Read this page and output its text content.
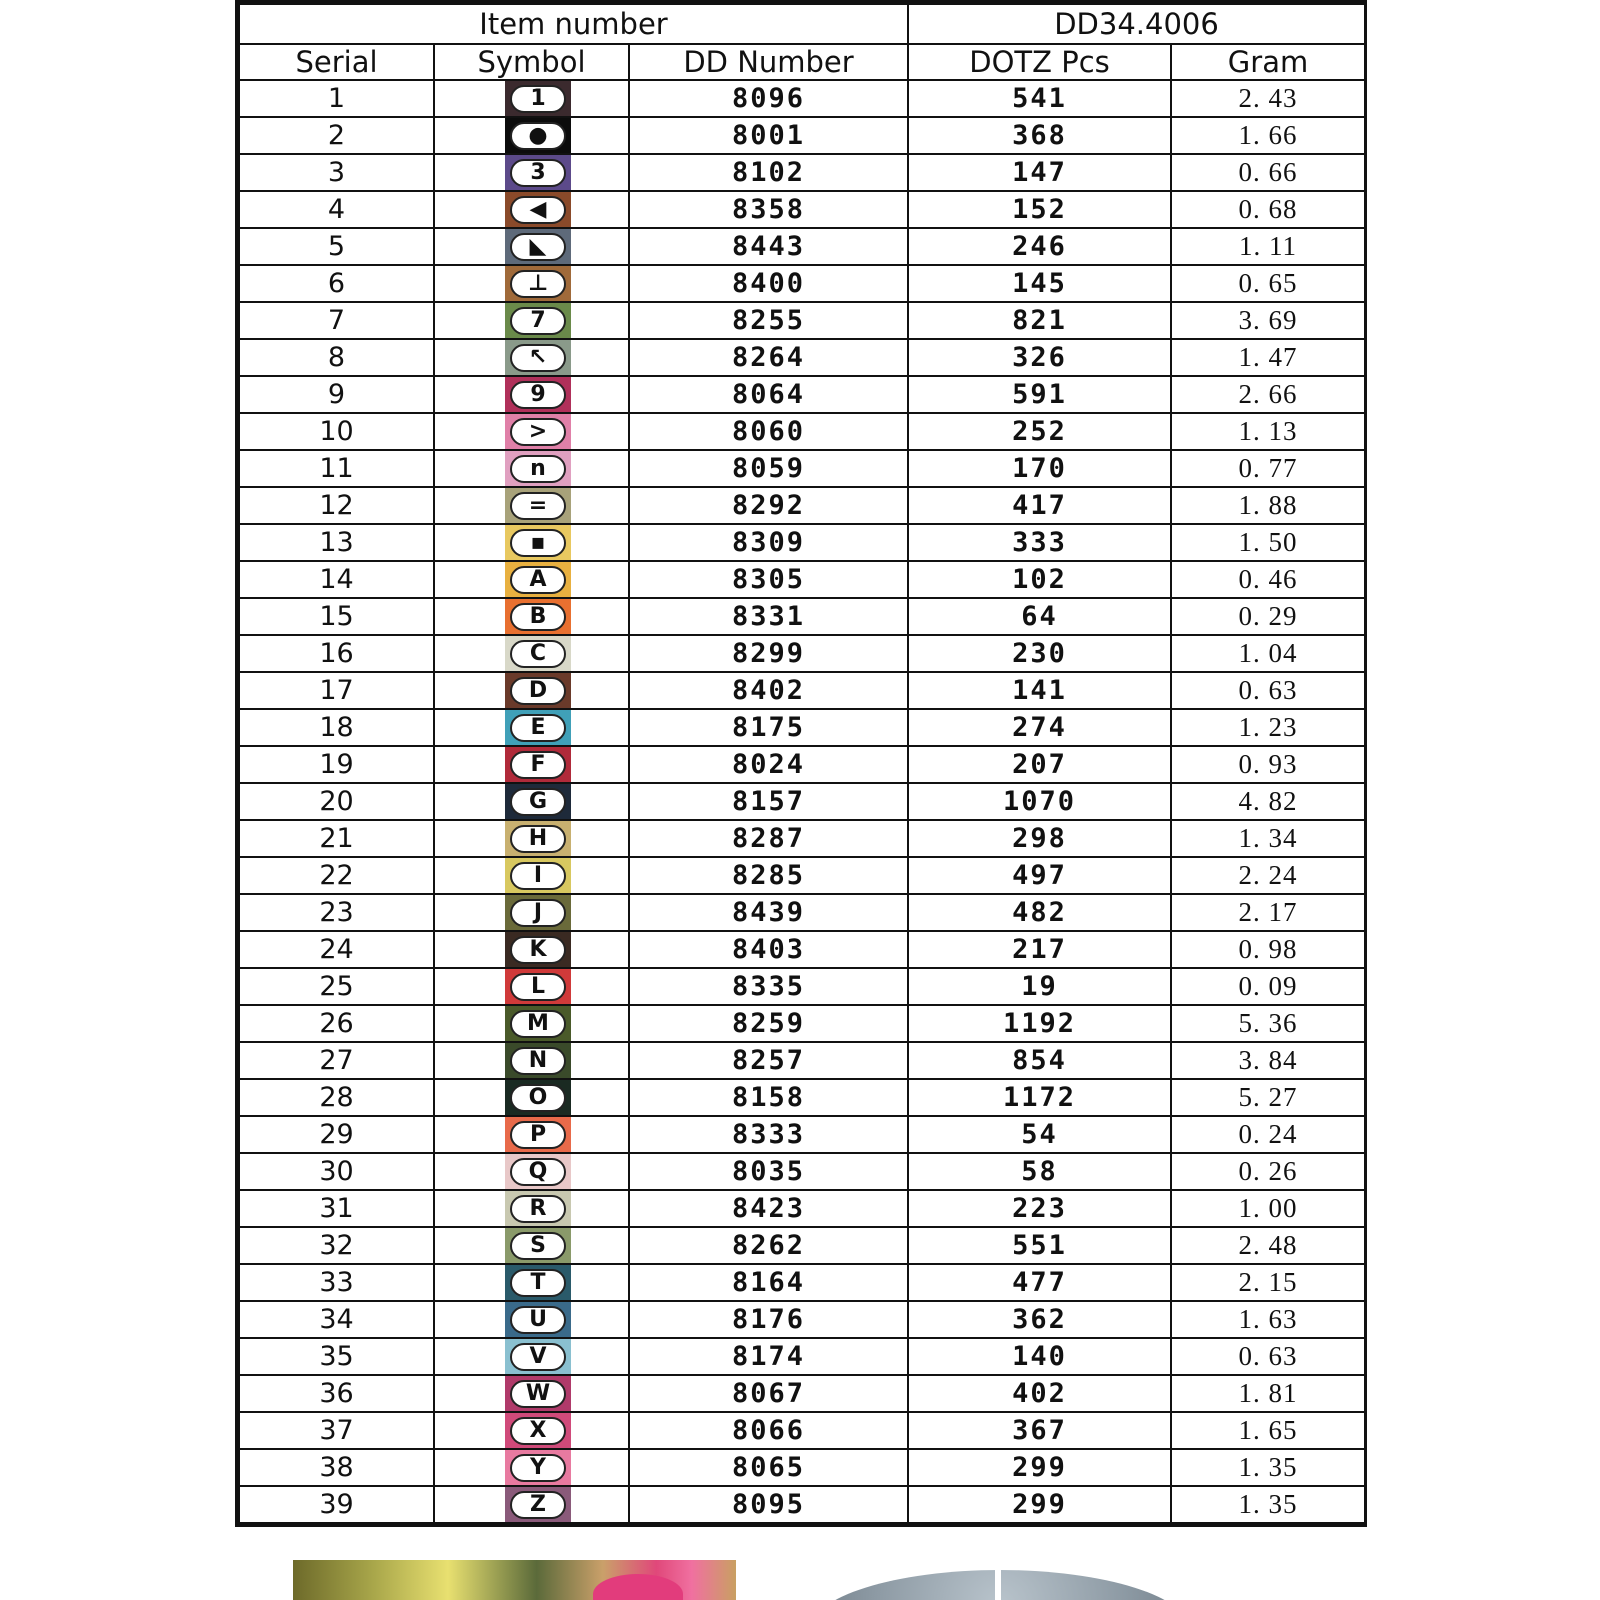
Item number			DD34.4006	
Serial	Symbol	DD Number	DOTZ Pcs	Gram
1	1	8096	541	2. 43
2	●	8001	368	1. 66
3	3	8102	147	0. 66
4	◀	8358	152	0. 68
5	◣	8443	246	1. 11
6	⊥	8400	145	0. 65
7	7	8255	821	3. 69
8	↖	8264	326	1. 47
9	9	8064	591	2. 66
10	>	8060	252	1. 13
11	n	8059	170	0. 77
12	=	8292	417	1. 88
13	▪	8309	333	1. 50
14	A	8305	102	0. 46
15	B	8331	64	0. 29
16	C	8299	230	1. 04
17	D	8402	141	0. 63
18	E	8175	274	1. 23
19	F	8024	207	0. 93
20	G	8157	1070	4. 82
21	H	8287	298	1. 34
22	I	8285	497	2. 24
23	J	8439	482	2. 17
24	K	8403	217	0. 98
25	L	8335	19	0. 09
26	M	8259	1192	5. 36
27	N	8257	854	3. 84
28	O	8158	1172	5. 27
29	P	8333	54	0. 24
30	Q	8035	58	0. 26
31	R	8423	223	1. 00
32	S	8262	551	2. 48
33	T	8164	477	2. 15
34	U	8176	362	1. 63
35	V	8174	140	0. 63
36	W	8067	402	1. 81
37	X	8066	367	1. 65
38	Y	8065	299	1. 35
39	Z	8095	299	1. 35
